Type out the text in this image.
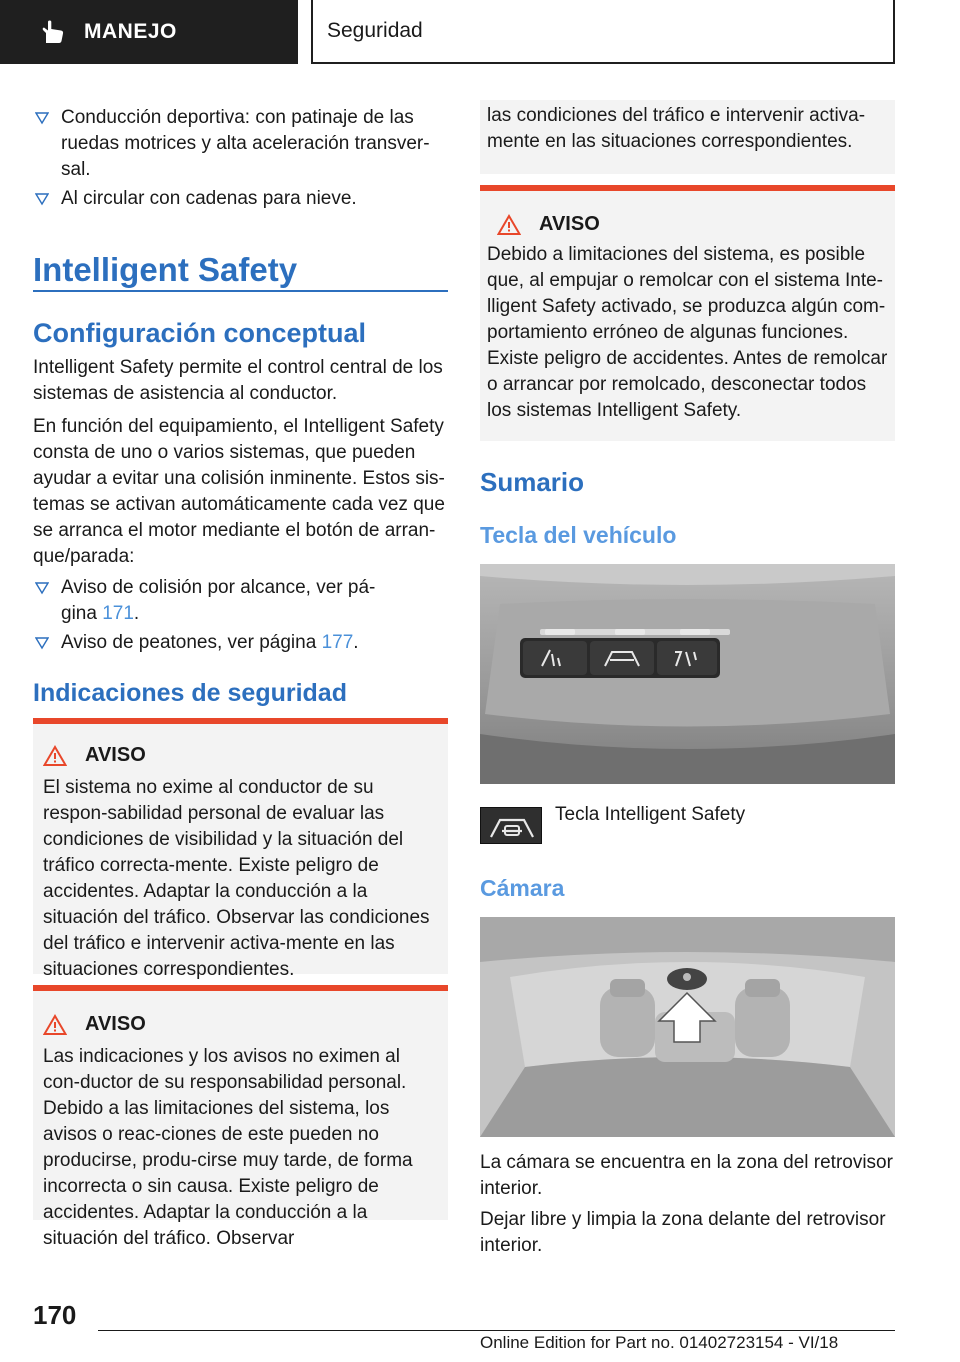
MANEJO	Seguridad
Conducción deportiva: con patinaje de las ruedas motrices y alta aceleración transver‐sal.
Al circular con cadenas para nieve.
Intelligent Safety
Configuración conceptual
Intelligent Safety permite el control central de los sistemas de asistencia al conductor.
En función del equipamiento, el Intelligent Safety consta de uno o varios sistemas, que pueden ayudar a evitar una colisión inminente. Estos sis‐temas se activan automáticamente cada vez que se arranca el motor mediante el botón de arran‐que/parada:
Aviso de colisión por alcance, ver pá‐
gina 171.
Aviso de peatones, ver página 177.
Indicaciones de seguridad
AVISO
El sistema no exime al conductor de su respon‐sabilidad personal de evaluar las condiciones de visibilidad y la situación del tráfico correcta‐mente. Existe peligro de accidentes. Adaptar la conducción a la situación del tráfico. Observar las condiciones del tráfico e intervenir activa‐mente en las situaciones correspondientes.
AVISO
Las indicaciones y los avisos no eximen al con‐ductor de su responsabilidad personal. Debido a las limitaciones del sistema, los avisos o reac‐ciones de este pueden no producirse, produ‐cirse muy tarde, de forma incorrecta o sin causa. Existe peligro de accidentes. Adaptar la conducción a la situación del tráfico. Observar
las condiciones del tráfico e intervenir activa‐mente en las situaciones correspondientes.
AVISO
Debido a limitaciones del sistema, es posible que, al empujar o remolcar con el sistema Inte‐lligent Safety activado, se produzca algún com‐portamiento erróneo de algunas funciones. Existe peligro de accidentes. Antes de remolcar o arrancar por remolcado, desconectar todos los sistemas Intelligent Safety.
Sumario
Tecla del vehículo
Tecla Intelligent Safety
Cámara
La cámara se encuentra en la zona del retrovisor interior.
Dejar libre y limpia la zona delante del retrovisor interior.
170
Online Edition for Part no. 01402723154 - VI/18
